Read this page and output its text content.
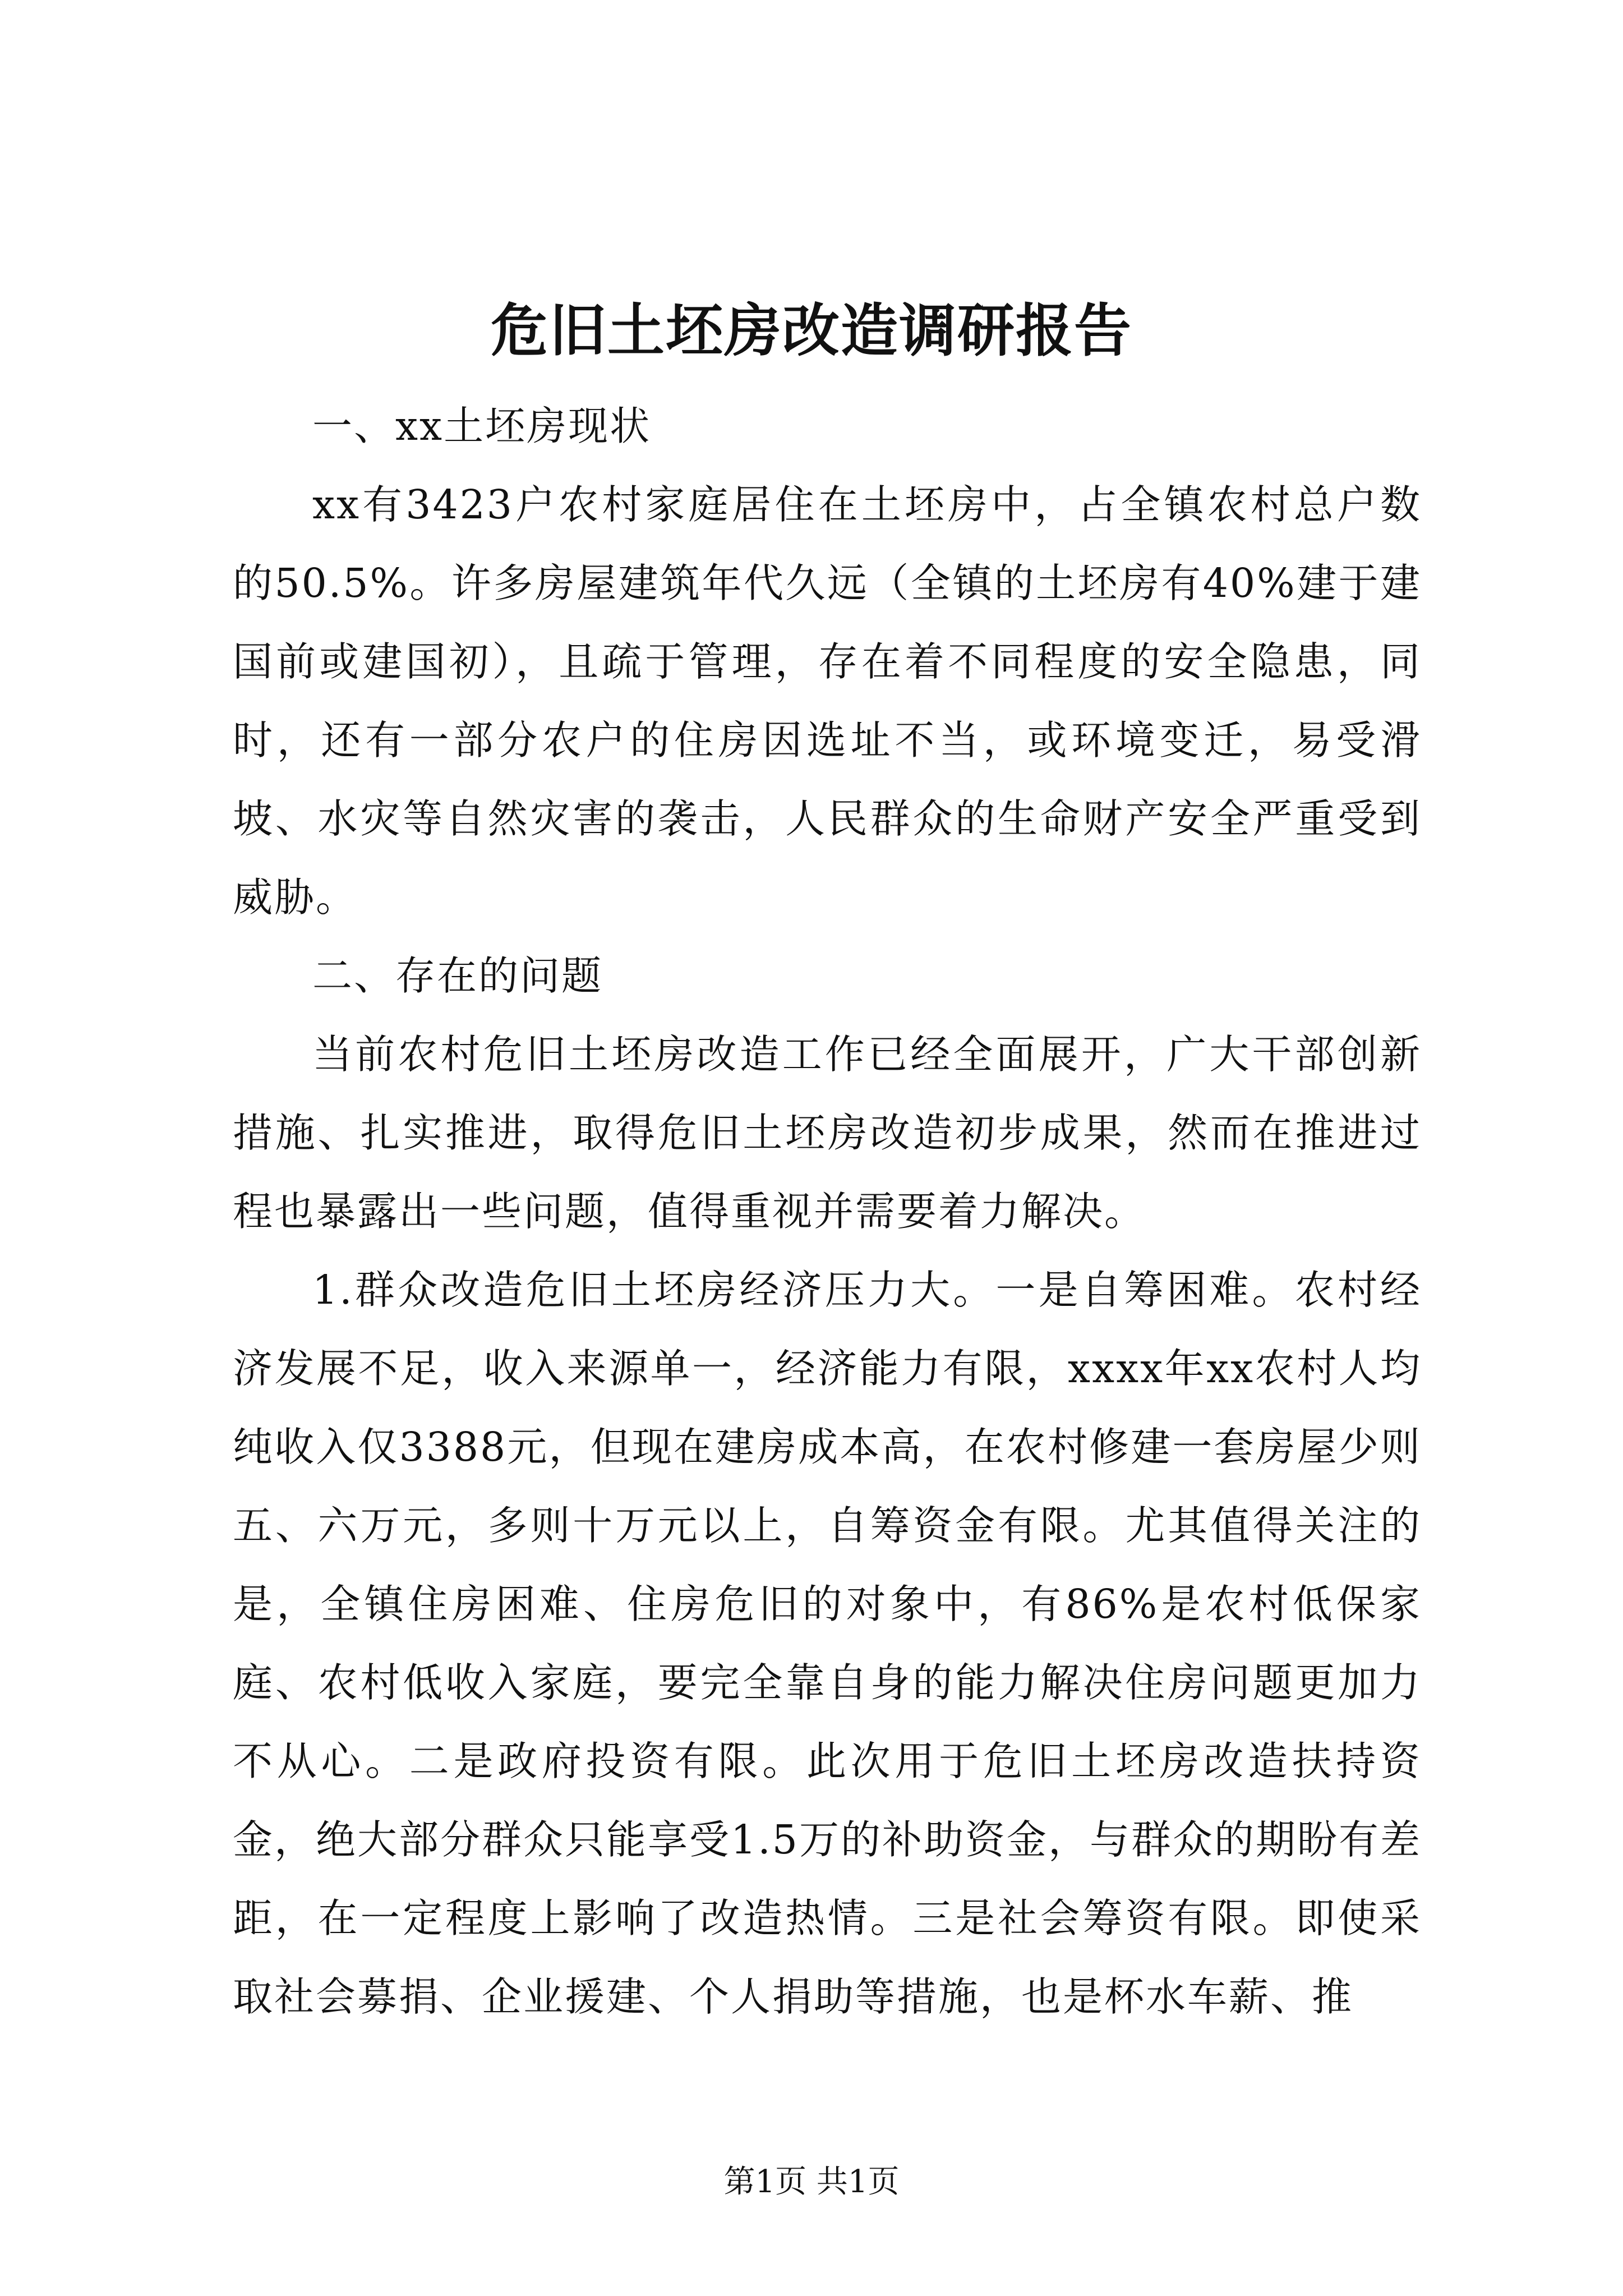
危旧土坯房改造调研报告

一、xx土坯房现状

xx有3423户农村家庭居住在土坯房中，占全镇农村总户数的50.5%。许多房屋建筑年代久远（全镇的土坯房有40%建于建国前或建国初），且疏于管理，存在着不同程度的安全隐患，同时，还有一部分农户的住房因选址不当，或环境变迁，易受滑坡、水灾等自然灾害的袭击，人民群众的生命财产安全严重受到威胁。

二、存在的问题

当前农村危旧土坯房改造工作已经全面展开，广大干部创新措施、扎实推进，取得危旧土坯房改造初步成果，然而在推进过程也暴露出一些问题，值得重视并需要着力解决。

1.群众改造危旧土坯房经济压力大。一是自筹困难。农村经济发展不足，收入来源单一，经济能力有限，xxxx年xx农村人均纯收入仅3388元，但现在建房成本高，在农村修建一套房屋少则五、六万元，多则十万元以上，自筹资金有限。尤其值得关注的是，全镇住房困难、住房危旧的对象中，有86%是农村低保家庭、农村低收入家庭，要完全靠自身的能力解决住房问题更加力不从心。二是政府投资有限。此次用于危旧土坯房改造扶持资金，绝大部分群众只能享受1.5万的补助资金，与群众的期盼有差距，在一定程度上影响了改造热情。三是社会筹资有限。即使采取社会募捐、企业援建、个人捐助等措施，也是杯水车薪、推

第1页 共1页
